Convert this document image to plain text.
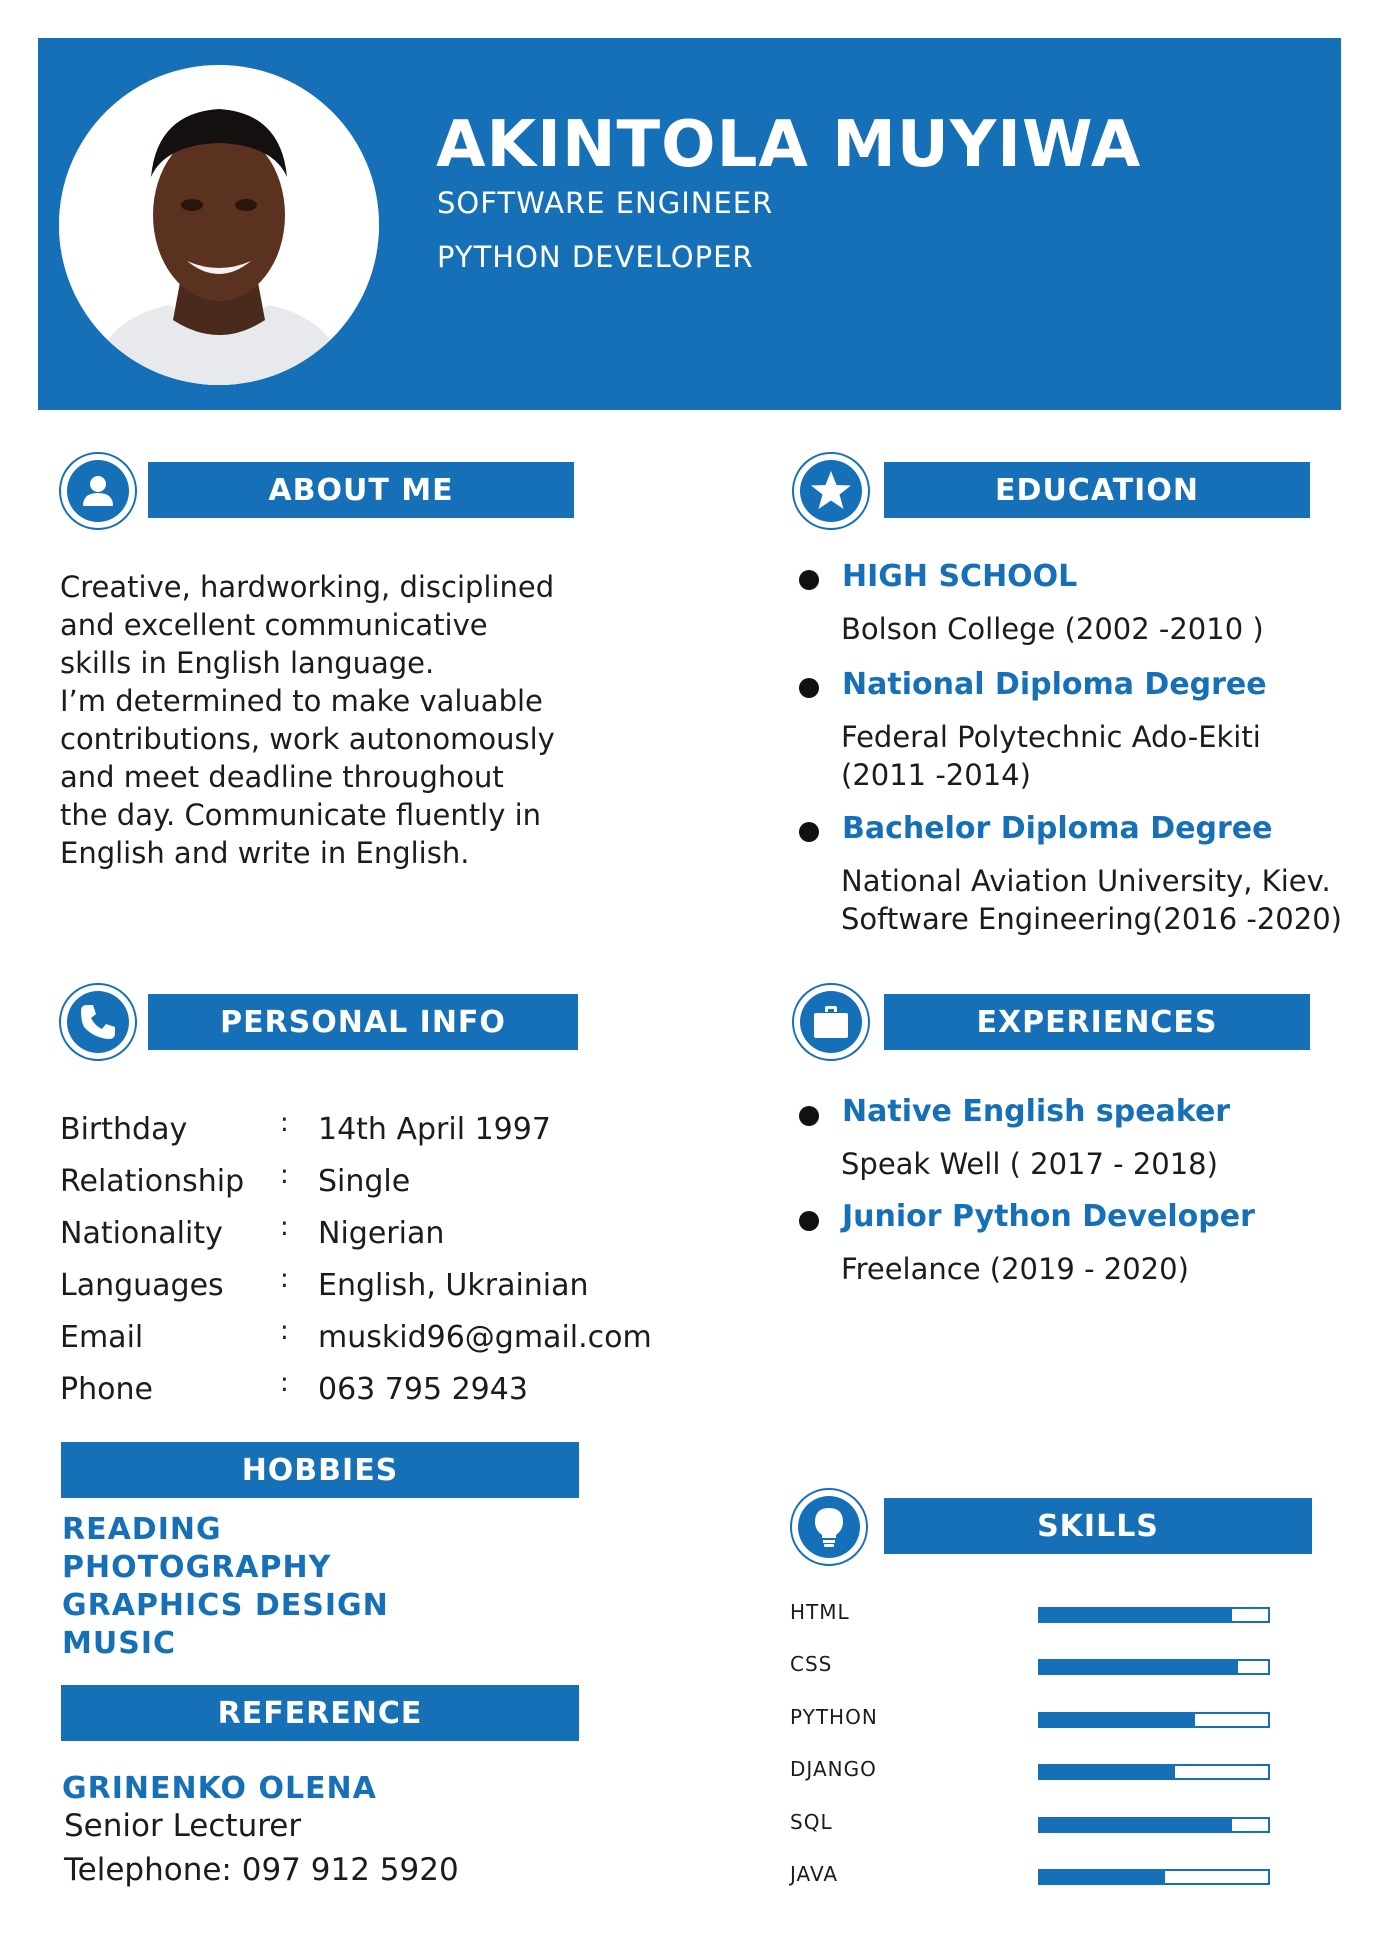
AKINTOLA MUYIWA
SOFTWARE ENGINEER
PYTHON DEVELOPER
ABOUT ME

Creative, hardworking, disciplined

and excellent communicative

skills in English language.

I’m determined to make valuable

contributions, work autonomously

and meet deadline throughout

the day. Communicate fluently in

English and write in English.

EDUCATION
HIGH SCHOOL
Bolson College (2002 -2010 )
National Diploma Degree
Federal Polytechnic Ado-Ekiti
(2011 -2014)
Bachelor Diploma Degree
National Aviation University, Kiev.
Software Engineering(2016 -2020)
PERSONAL INFO
Birthday	: 14th April 1997
Relationship : Single
Nationality : Nigerian
Languages : English, Ukrainian
Email	: muskid96@gmail.com
Phone	: 063 795 2943
EXPERIENCES
Native English speaker
Speak Well ( 2017 - 2018)
Junior Python Developer
Freelance (2019 - 2020)
HOBBIES
READING
PHOTOGRAPHY
GRAPHICS DESIGN
MUSIC
REFERENCE
GRINENKO OLENA
Senior Lecturer
Telephone: 097 912 5920
SKILLS
HTML
CSS
PYTHON
DJANGO
SQL
JAVA
